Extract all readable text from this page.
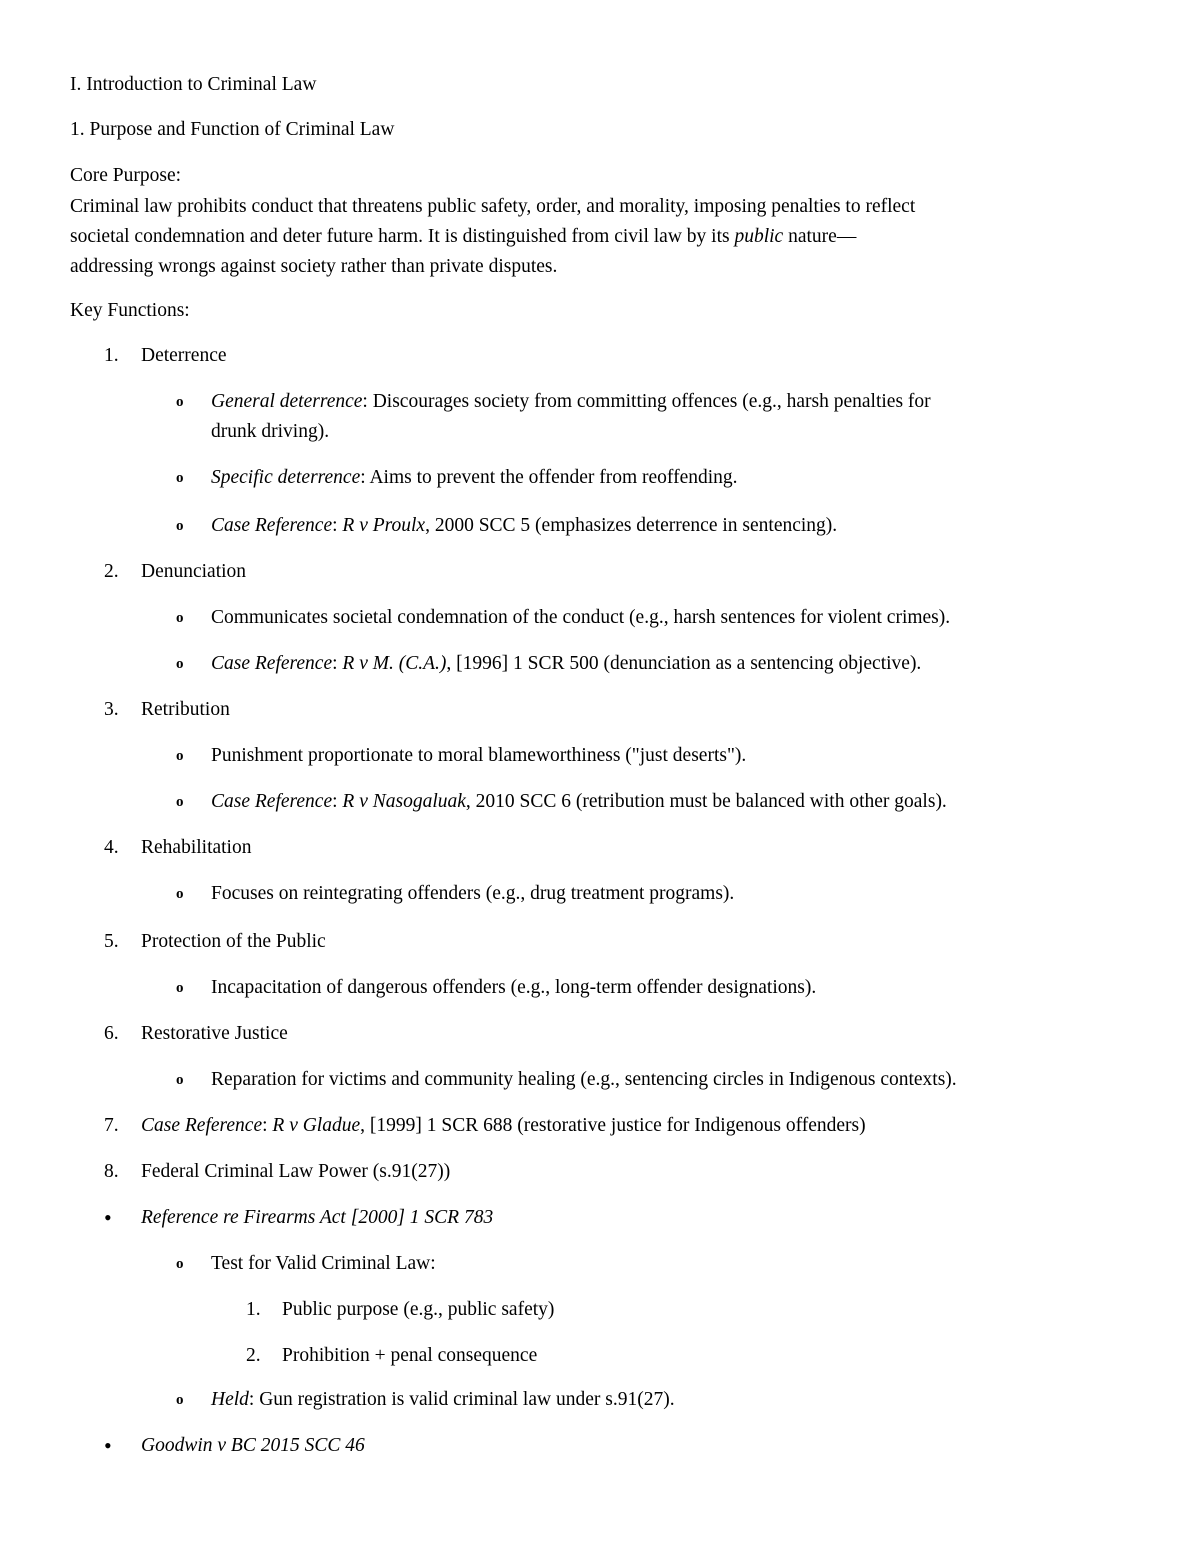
I. Introduction to Criminal Law
1. Purpose and Function of Criminal Law
Core Purpose:
Criminal law prohibits conduct that threatens public safety, order, and morality, imposing penalties to reflect
societal condemnation and deter future harm. It is distinguished from civil law by its public nature—
addressing wrongs against society rather than private disputes.
Key Functions:
1. Deterrence
o General deterrence: Discourages society from committing offences (e.g., harsh penalties for
drunk driving).
o Specific deterrence: Aims to prevent the offender from reoffending.
o Case Reference: R v Proulx, 2000 SCC 5 (emphasizes deterrence in sentencing).
2. Denunciation
o Communicates societal condemnation of the conduct (e.g., harsh sentences for violent crimes).
o Case Reference: R v M. (C.A.), [1996] 1 SCR 500 (denunciation as a sentencing objective).
3. Retribution
o Punishment proportionate to moral blameworthiness ("just deserts").
o Case Reference: R v Nasogaluak, 2010 SCC 6 (retribution must be balanced with other goals).
4. Rehabilitation
o Focuses on reintegrating offenders (e.g., drug treatment programs).
5. Protection of the Public
o Incapacitation of dangerous offenders (e.g., long-term offender designations).
6. Restorative Justice
o Reparation for victims and community healing (e.g., sentencing circles in Indigenous contexts).
7. Case Reference: R v Gladue, [1999] 1 SCR 688 (restorative justice for Indigenous offenders)
8. Federal Criminal Law Power (s.91(27))
• Reference re Firearms Act [2000] 1 SCR 783
o Test for Valid Criminal Law:
1. Public purpose (e.g., public safety)
2. Prohibition + penal consequence
o Held: Gun registration is valid criminal law under s.91(27).
• Goodwin v BC 2015 SCC 46
